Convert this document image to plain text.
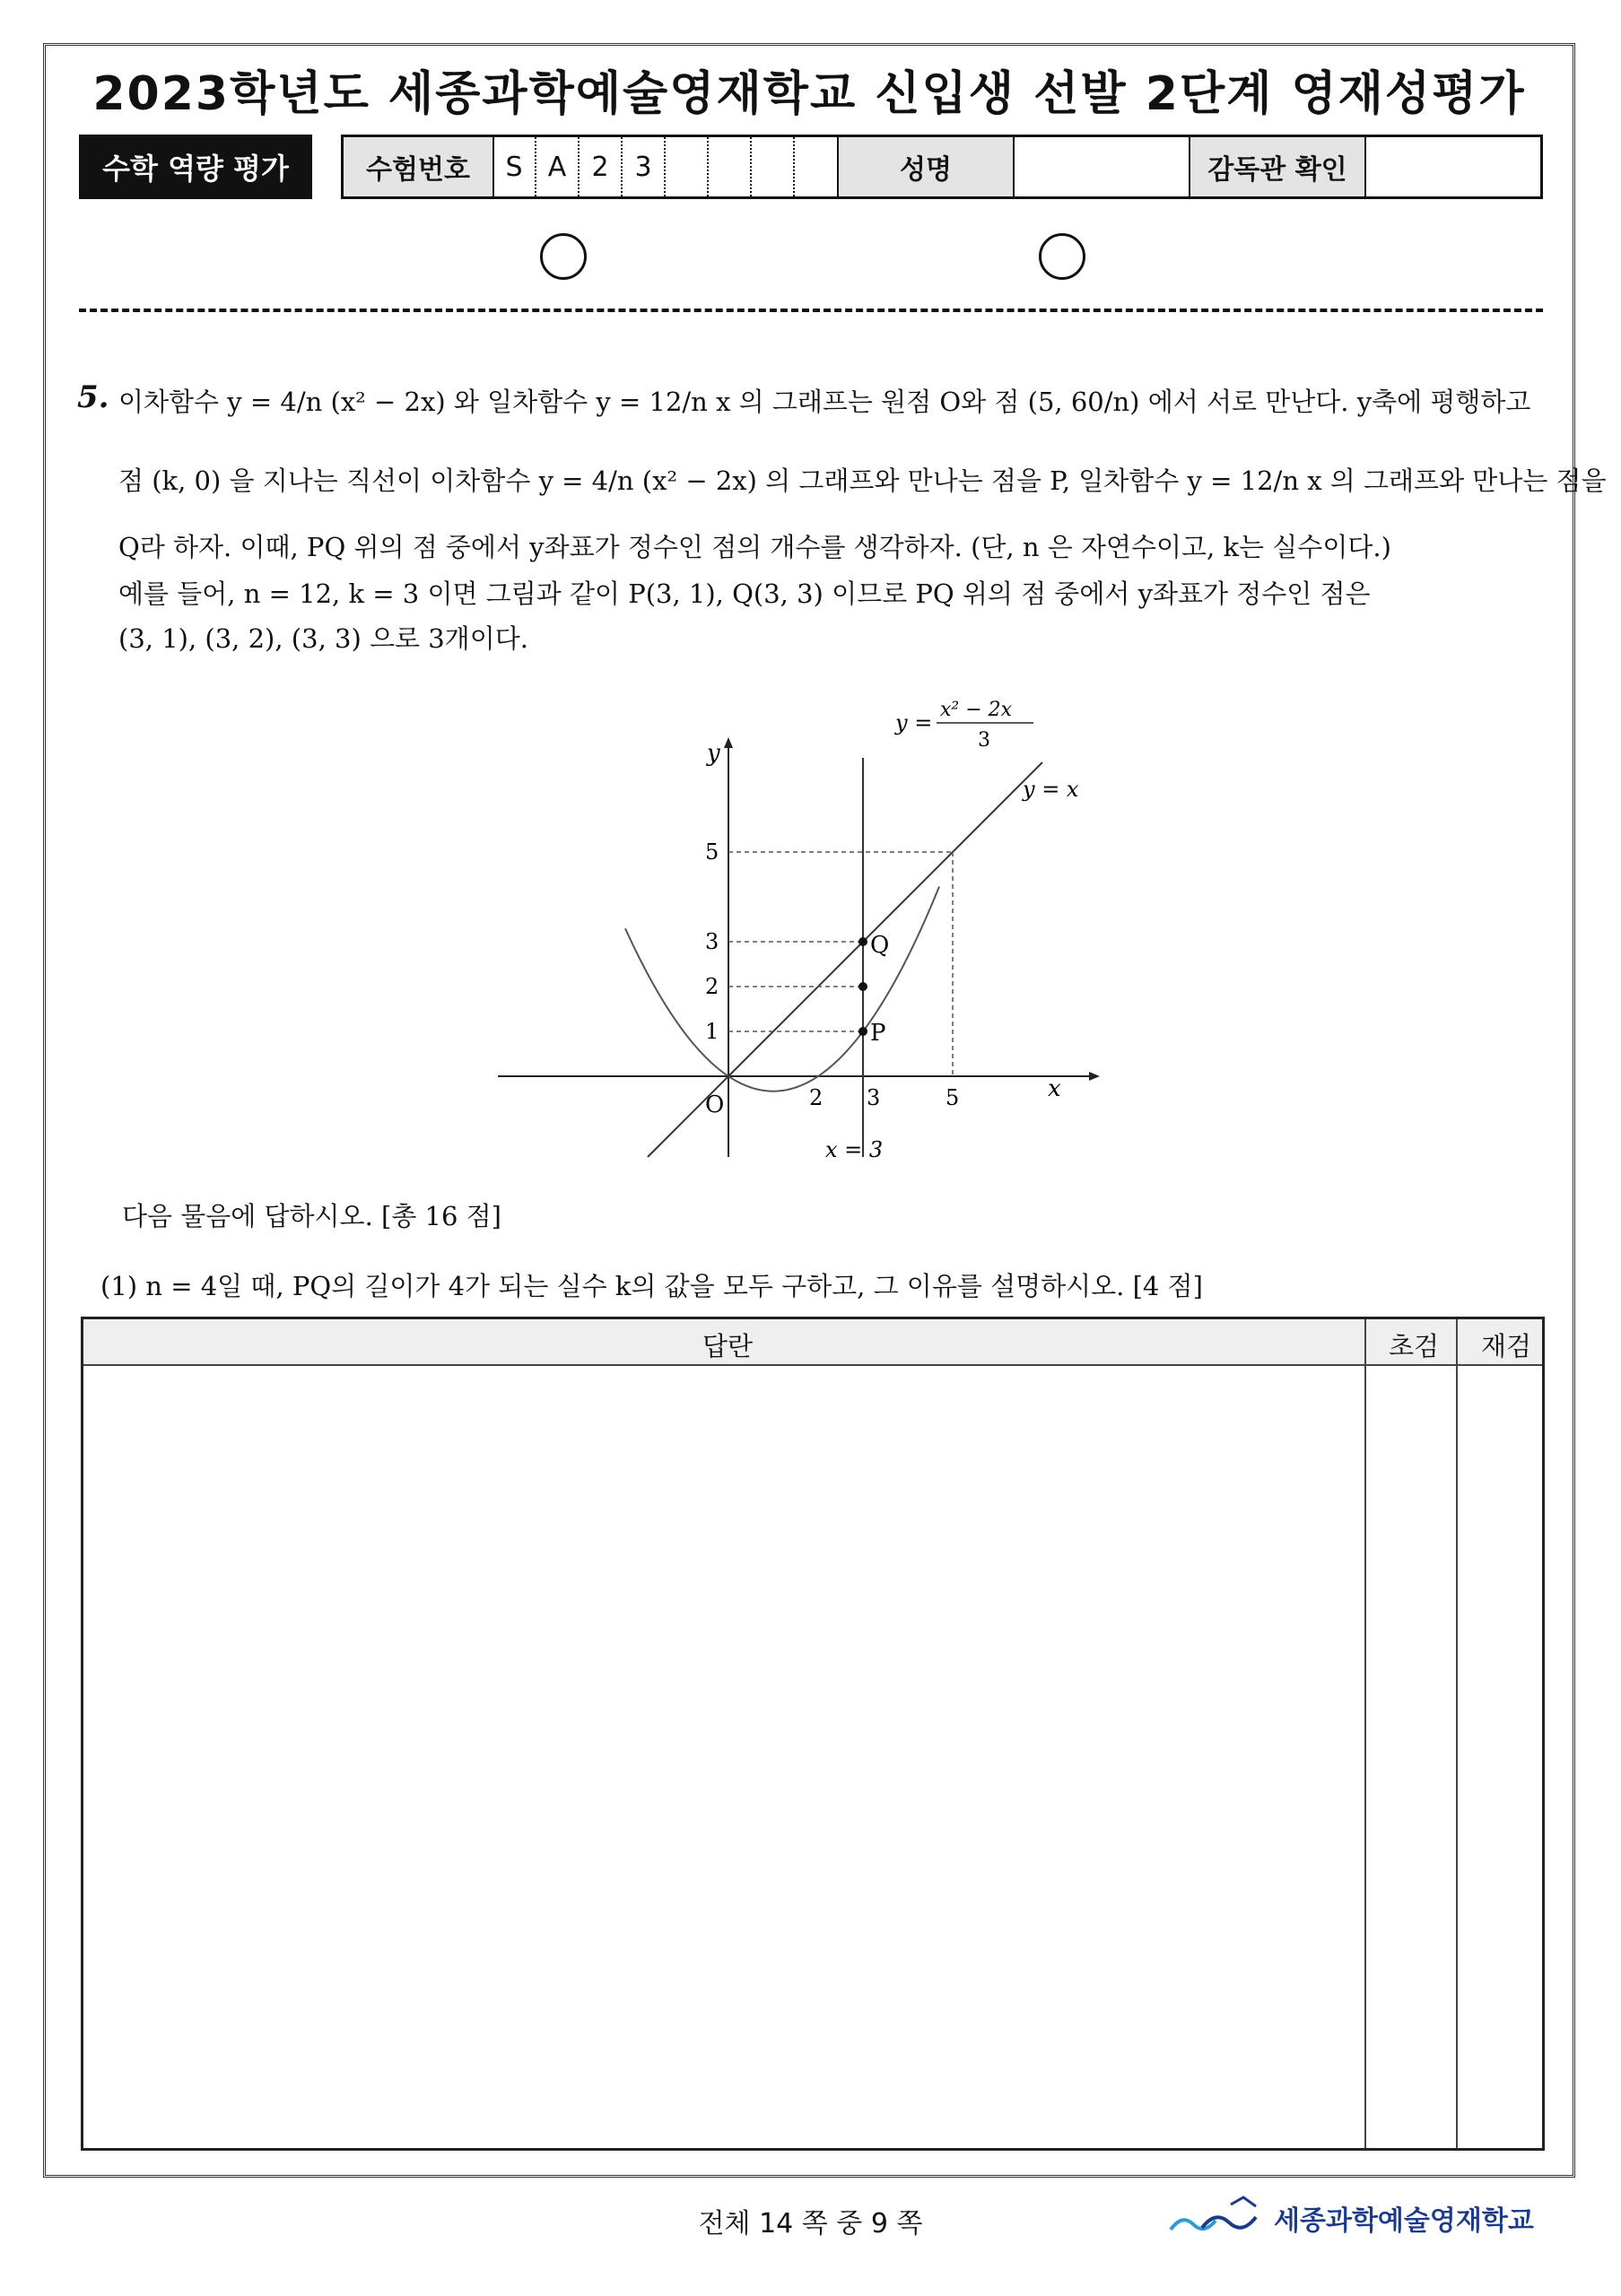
2023학년도 세종과학예술영재학교 신입생 선발 2단계 영재성평가
수학 역량 평가	수험번호	S A 2 3	성명	감독관 확인
5. 이차함수 y = 4/n (x² − 2x) 와 일차함수 y = 12/n x 의 그래프는 원점 O와 점 (5, 60/n) 에서 서로 만난다. y축에 평행하고
점 (k, 0) 을 지나는 직선이 이차함수 y = 4/n (x² − 2x) 의 그래프와 만나는 점을 P, 일차함수 y = 12/n x 의 그래프와 만나는 점을
Q라 하자. 이때, PQ 위의 점 중에서 y좌표가 정수인 점의 개수를 생각하자. (단, n 은 자연수이고, k는 실수이다.)
예를 들어, n = 12, k = 3 이면 그림과 같이 P(3, 1), Q(3, 3) 이므로 PQ 위의 점 중에서 y좌표가 정수인 점은
(3, 1), (3, 2), (3, 3) 으로 3개이다.
Q
P
O	2 3	5
1
2
3
5
x
y
y = x
x = 3
y =
x² − 2x
3
다음 물음에 답하시오. [총 16 점]
(1) n = 4일 때, PQ의 길이가 4가 되는 실수 k의 값을 모두 구하고, 그 이유를 설명하시오. [4 점]
답란	초검 재검
전체 14 쪽 중 9 쪽	세종과학예술영재학교
